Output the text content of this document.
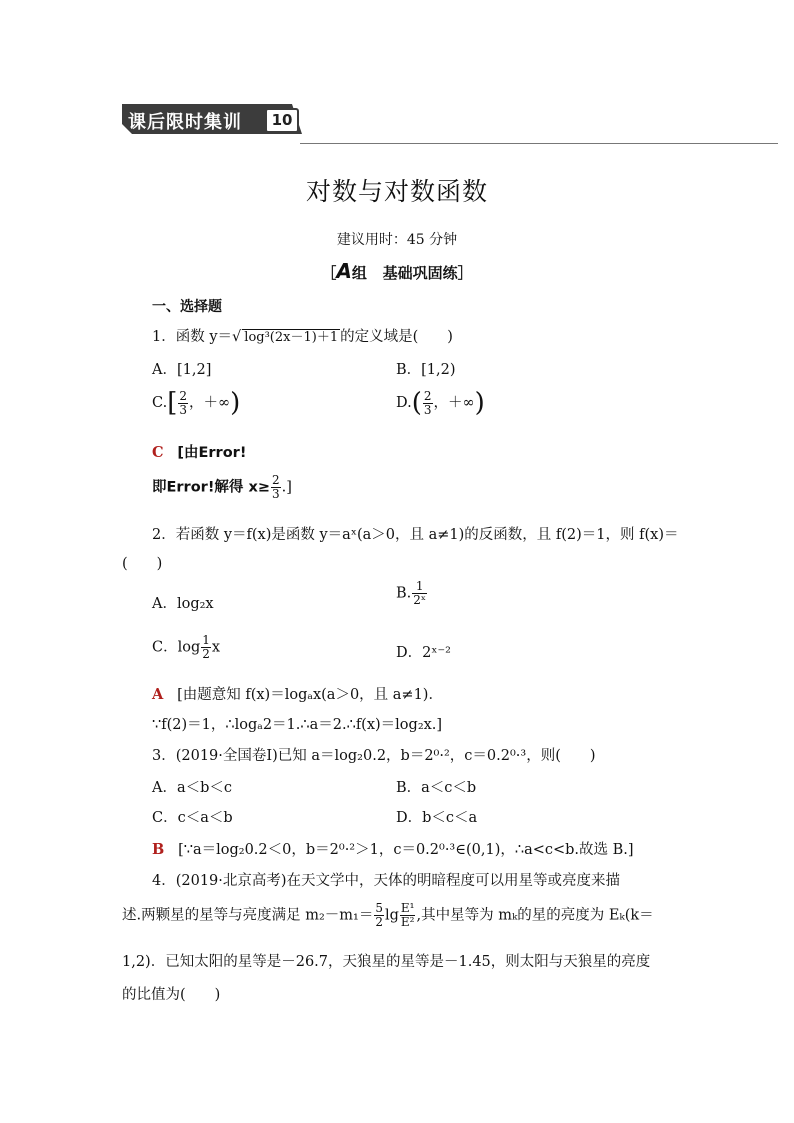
课后限时集训	10
对数与对数函数
建议用时：45 分钟
［A组 基础巩固练］
一、选择题
1．函数 y＝√ log³(2x－1)＋1 的定义域是(　　)
A．[1,2]	B．[1,2)
$C.[ \frac{2}{3}$ ，＋∞)	$D.( \frac{2}{3}$ ，＋∞)
C [由Error!
即Error!解得 $x\ge \frac{2}{3}$ .]
2．若函数 y＝f(x)是函数 y＝aˣ(a＞0，且 a≠1)的反函数，且 f(2)＝1，则 f(x)＝
(　　)
A．log₂x
B. $\frac{1}{\text{2ˣ}}$
C．$\log \frac{1}{2}$ x	D．2ˣ⁻²
A [由题意知 f(x)＝logₐx(a＞0，且 a≠1)．
∵f(2)＝1，∴logₐ2＝1.∴a＝2.∴f(x)＝log₂x.]
3．(2019·全国卷Ⅰ)已知 a＝log₂0.2，b＝2⁰·²，c＝0.2⁰·³，则(　　)
A．a＜b＜c	B．a＜c＜b
C．c＜a＜b	D．b＜c＜a
B [∵a＝log₂0.2＜0，b＝2⁰·²＞1，c＝0.2⁰·³∈(0,1)，∴a<c<b.故选 B.]
4．(2019·北京高考)在天文学中，天体的明暗程度可以用星等或亮度来描
述.两颗星的星等与亮度满足 $m_2-m_1= \frac{5}{2}$ $\lg \frac{\text{E¹}}{\text{E²}}$ ,其中星等为 mₖ的星的亮度为 Eₖ(k＝
1,2)．已知太阳的星等是－26.7，天狼星的星等是－1.45，则太阳与天狼星的亮度
的比值为(　　)
